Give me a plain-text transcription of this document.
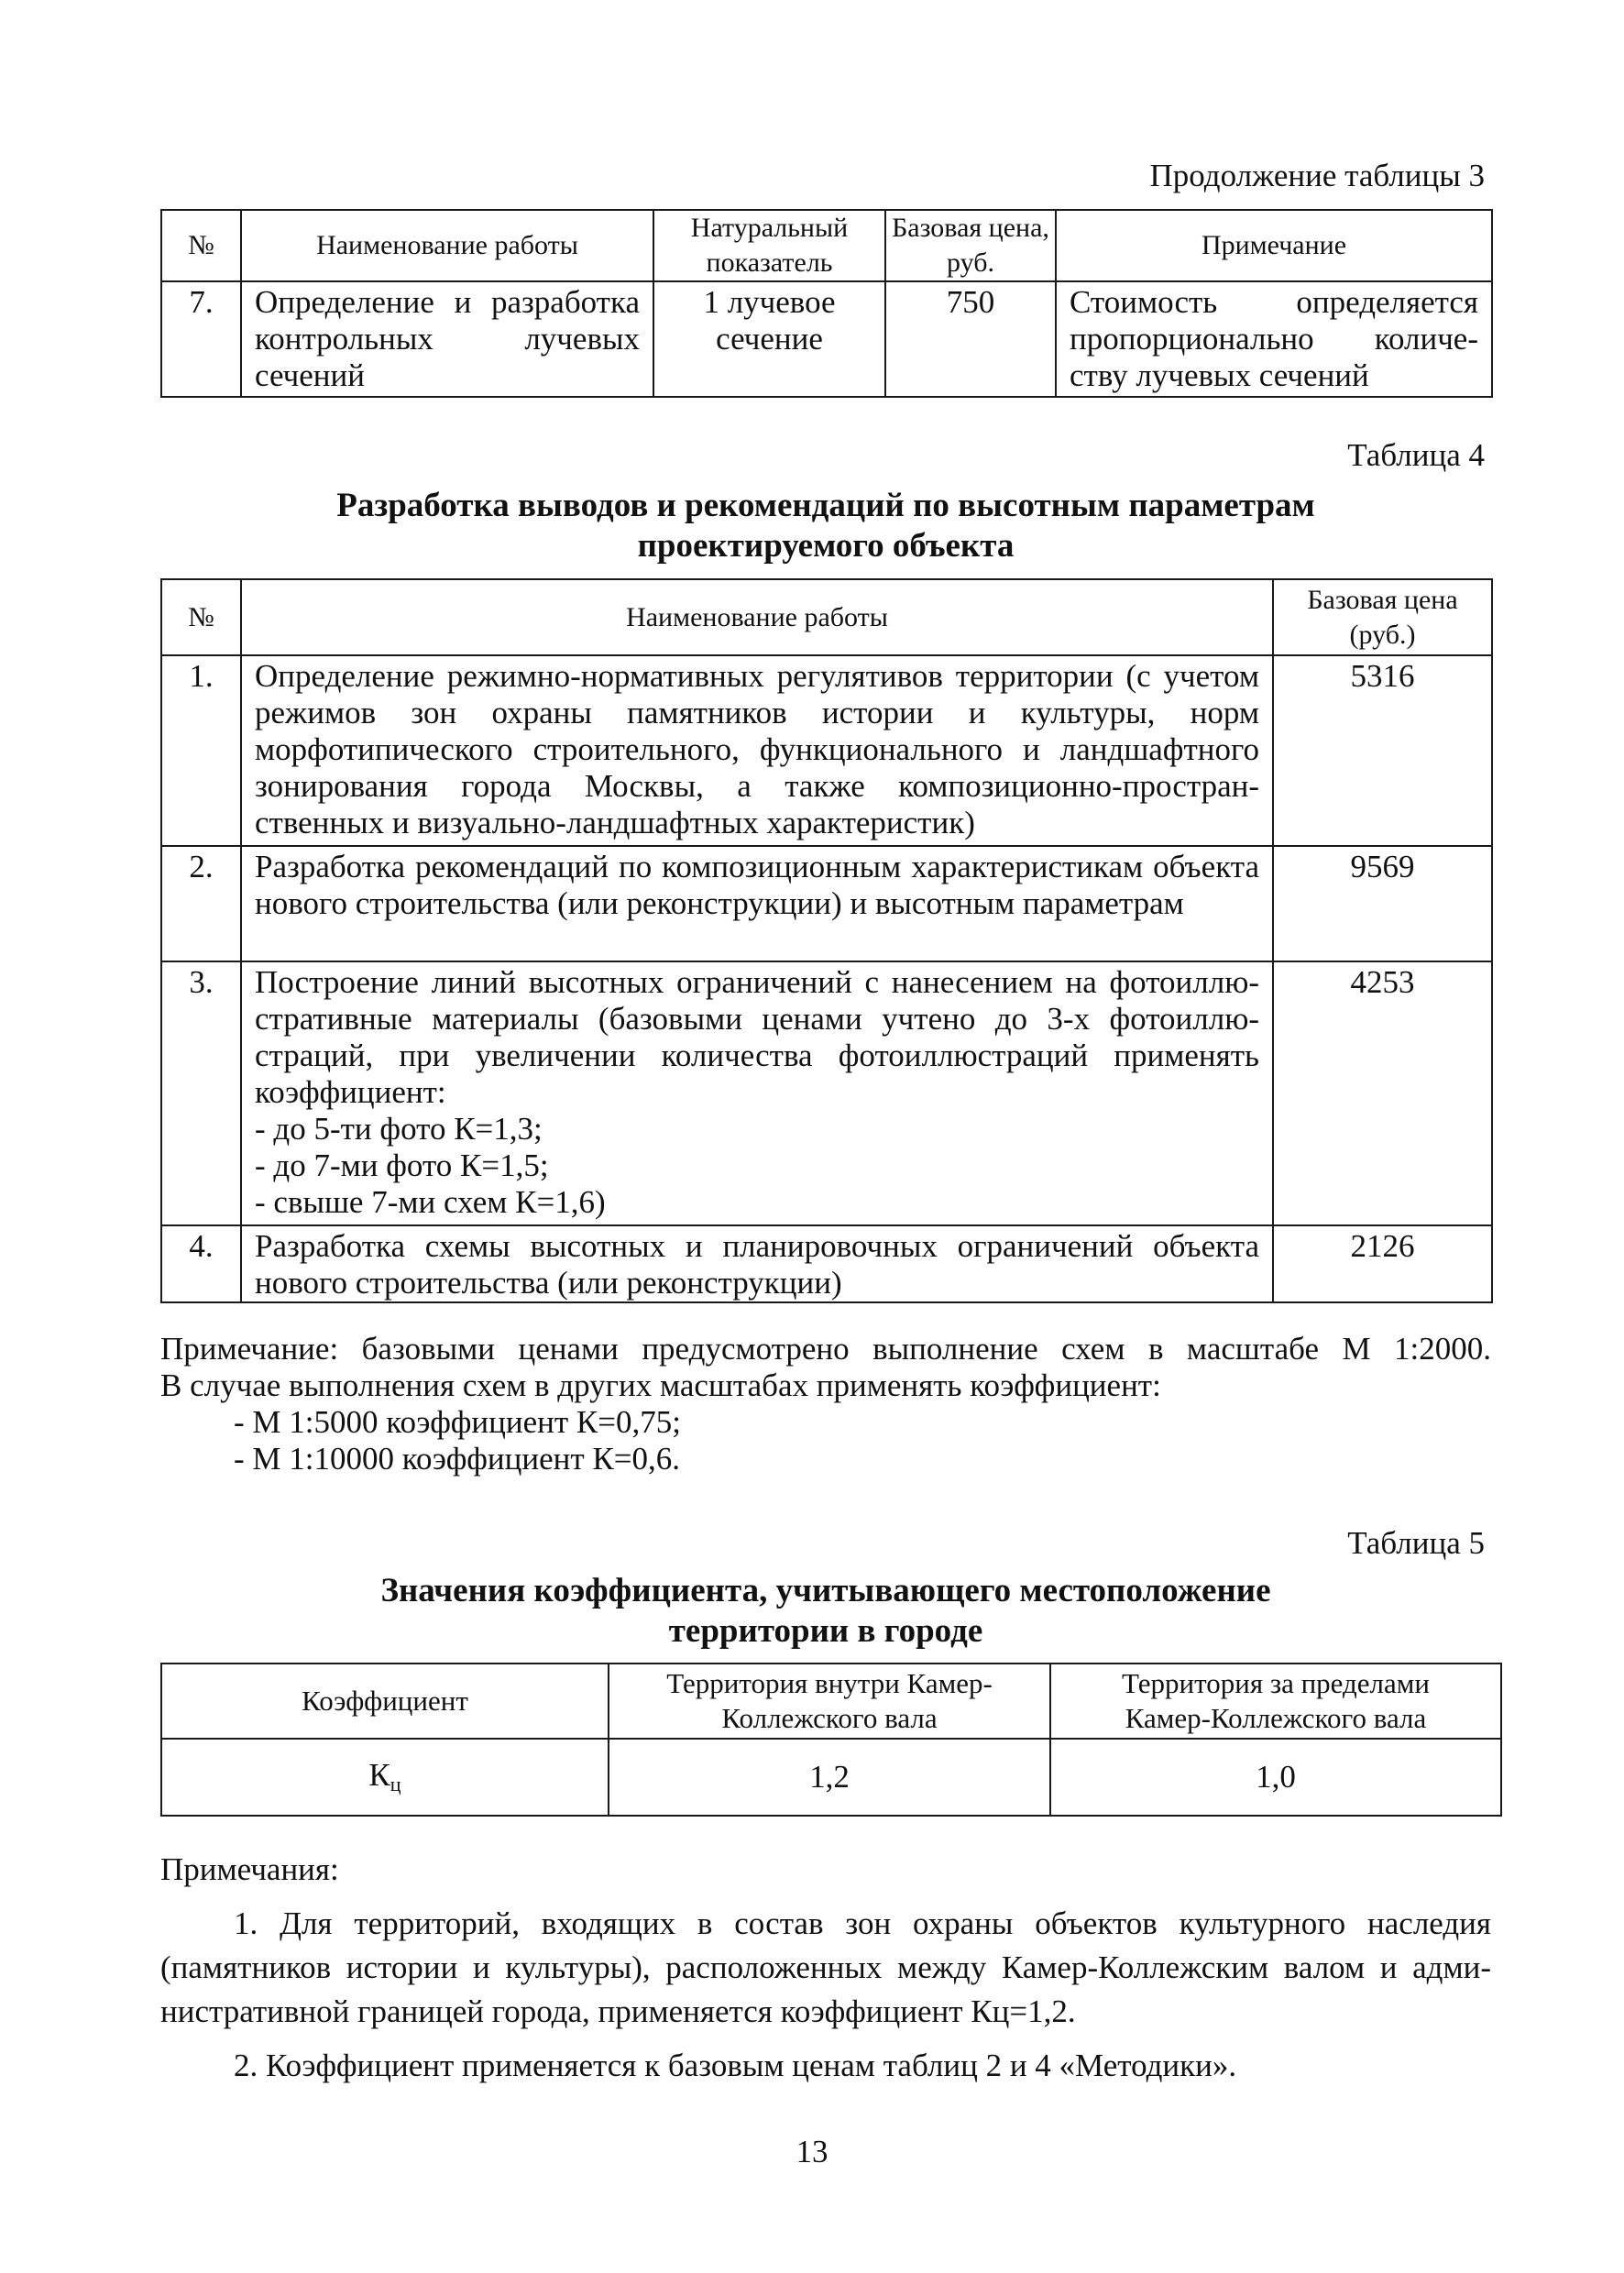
Продолжение таблицы 3
№	Наименование работы	Натуральный показатель	Базовая цена, руб.	Примечание
7.	Определение и разработка контрольных лучевых сечений	1 лучевое сечение	750	Стоимость определяется пропорционально количе-ству лучевых сечений
Таблица 4
Разработка выводов и рекомендаций по высотным параметрам
проектируемого объекта
№	Наименование работы	Базовая цена (руб.)
1.	Определение режимно-нормативных регулятивов территории (с учетом режимов зон охраны памятников истории и культуры, норм морфотипического строительного, функционального и ландшафтного зонирования города Москвы, а также композиционно-простран-ственных и визуально-ландшафтных характеристик)	5316
2.	Разработка рекомендаций по композиционным характеристикам объекта нового строительства (или реконструкции) и высотным параметрам	9569
3.	Построение линий высотных ограничений с нанесением на фотоиллю-стративные материалы (базовыми ценами учтено до 3-х фотоиллю-страций, при увеличении количества фотоиллюстраций применять коэффициент:
- до 5-ти фото К=1,3;
- до 7-ми фото К=1,5;
- свыше 7-ми схем К=1,6)	4253
4.	Разработка схемы высотных и планировочных ограничений объекта нового строительства (или реконструкции)	2126
Примечание: базовыми ценами предусмотрено выполнение схем в масштабе М 1:2000.
В случае выполнения схем в других масштабах применять коэффициент:
- М 1:5000 коэффициент К=0,75;
- М 1:10000 коэффициент К=0,6.
Таблица 5
Значения коэффициента, учитывающего местоположение
территории в городе
Коэффициент	Территория внутри Камер-Коллежского вала	Территория за пределами Камер-Коллежского вала
Кц	1,2	1,0
Примечания:
1. Для территорий, входящих в состав зон охраны объектов культурного наследия (памятников истории и культуры), расположенных между Камер-Коллежским валом и адми-нистративной границей города, применяется коэффициент Кц=1,2.
2. Коэффициент применяется к базовым ценам таблиц 2 и 4 «Методики».
13
